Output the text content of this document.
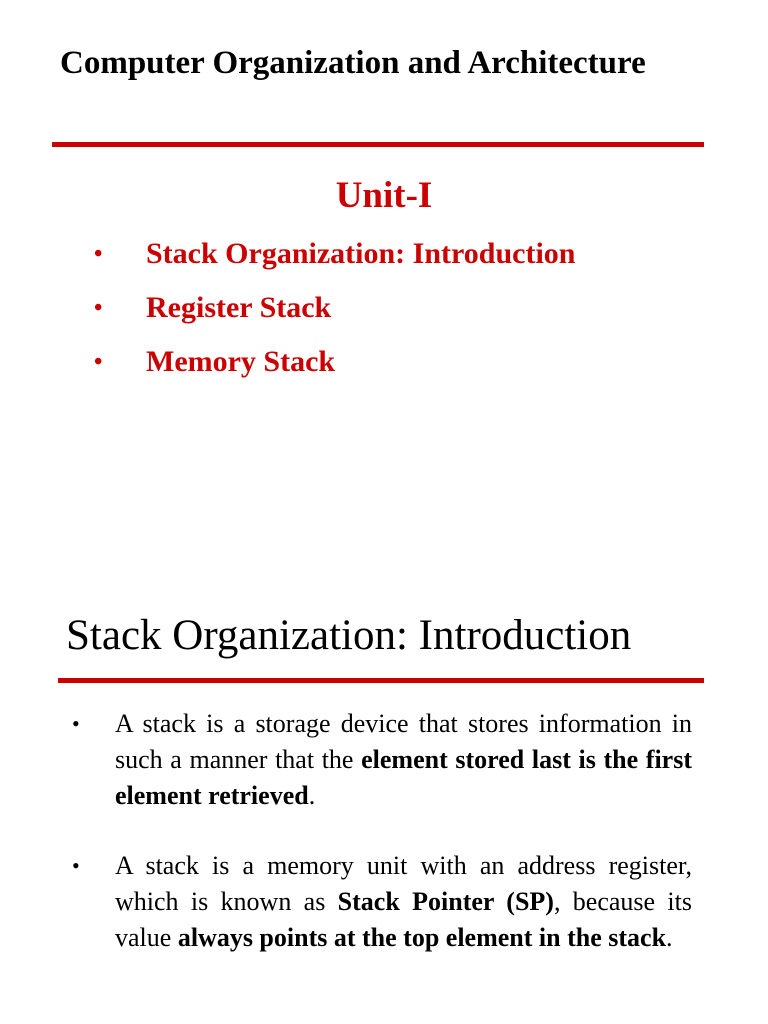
Computer Organization and Architecture
Unit-I
• Stack Organization: Introduction
• Register Stack
• Memory Stack
Stack Organization: Introduction
• A stack is a storage device that stores information in such a manner that the element stored last is the first element retrieved.
• A stack is a memory unit with an address register, which is known as Stack Pointer (SP), because its value always points at the top element in the stack.
